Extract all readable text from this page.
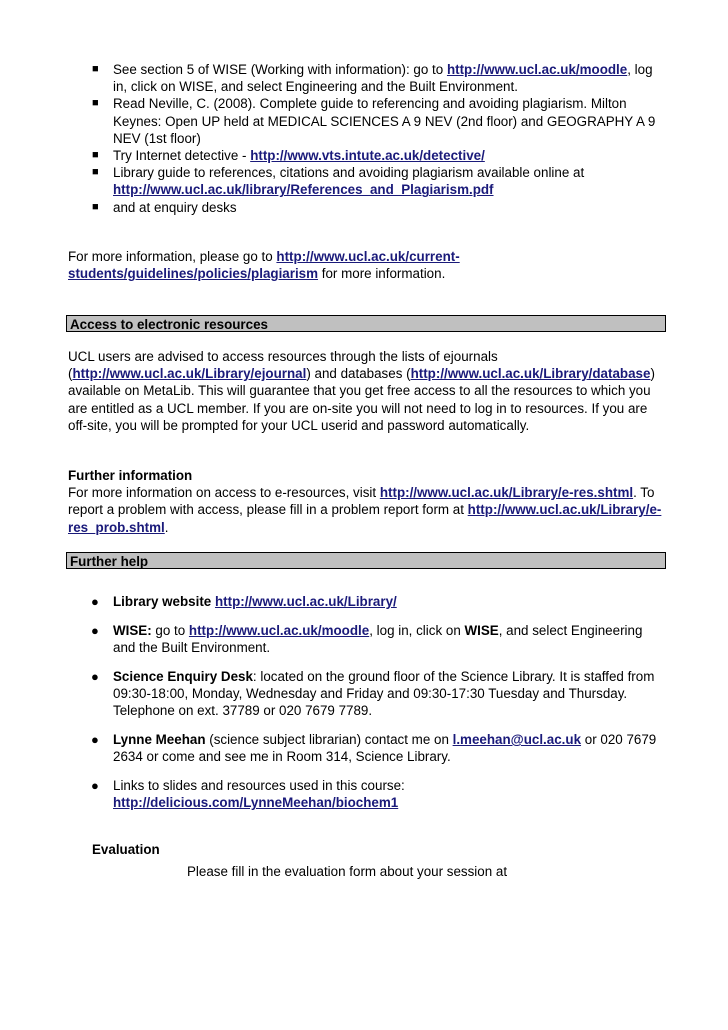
■ See section 5 of WISE (Working with information): go to http://www.ucl.ac.uk/moodle, log in, click on WISE, and select Engineering and the Built Environment.
■ Read Neville, C. (2008). Complete guide to referencing and avoiding plagiarism. Milton Keynes: Open UP held at MEDICAL SCIENCES A 9 NEV (2nd floor) and GEOGRAPHY A 9 NEV (1st floor)
■ Try Internet detective - http://www.vts.intute.ac.uk/detective/
■ Library guide to references, citations and avoiding plagiarism available online at http://www.ucl.ac.uk/library/References_and_Plagiarism.pdf
■ and at enquiry desks

For more information, please go to http://www.ucl.ac.uk/current-students/guidelines/policies/plagiarism for more information.

Access to electronic resources

UCL users are advised to access resources through the lists of ejournals (http://www.ucl.ac.uk/Library/ejournal) and databases (http://www.ucl.ac.uk/Library/database) available on MetaLib. This will guarantee that you get free access to all the resources to which you are entitled as a UCL member. If you are on-site you will not need to log in to resources. If you are off-site, you will be prompted for your UCL userid and password automatically.

Further information
For more information on access to e-resources, visit http://www.ucl.ac.uk/Library/e-res.shtml. To report a problem with access, please fill in a problem report form at http://www.ucl.ac.uk/Library/e-res_prob.shtml.

Further help
● Library website http://www.ucl.ac.uk/Library/
● WISE: go to http://www.ucl.ac.uk/moodle, log in, click on WISE, and select Engineering and the Built Environment.
● Science Enquiry Desk: located on the ground floor of the Science Library. It is staffed from 09:30-18:00, Monday, Wednesday and Friday and 09:30-17:30 Tuesday and Thursday. Telephone on ext. 37789 or 020 7679 7789.
● Lynne Meehan (science subject librarian) contact me on l.meehan@ucl.ac.uk or 020 7679 2634 or come and see me in Room 314, Science Library.
● Links to slides and resources used in this course:
http://delicious.com/LynneMeehan/biochem1
Evaluation
Please fill in the evaluation form about your session at
